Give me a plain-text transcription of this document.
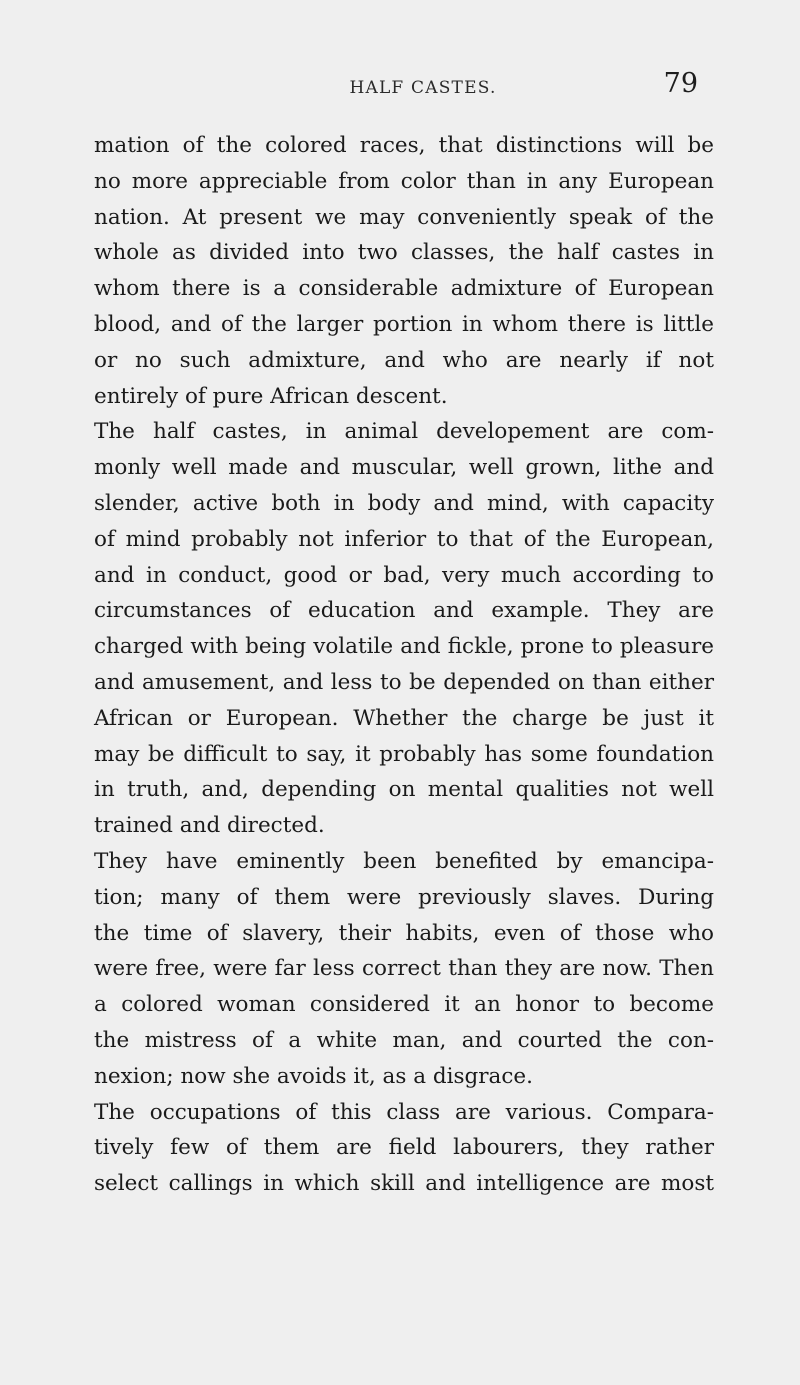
HALF CASTES.	79
mation of the colored races, that distinctions will be
no more appreciable from color than in any European
nation. At present we may conveniently speak of the
whole as divided into two classes, the half castes in
whom there is a considerable admixture of European
blood, and of the larger portion in whom there is little
or no such admixture, and who are nearly if not
entirely of pure African descent.
The half castes, in animal developement are com-
monly well made and muscular, well grown, lithe and
slender, active both in body and mind, with capacity
of mind probably not inferior to that of the European,
and in conduct, good or bad, very much according to
circumstances of education and example. They are
charged with being volatile and fickle, prone to pleasure
and amusement, and less to be depended on than either
African or European. Whether the charge be just it
may be difficult to say, it probably has some foundation
in truth, and, depending on mental qualities not well
trained and directed.
They have eminently been benefited by emancipa-
tion; many of them were previously slaves. During
the time of slavery, their habits, even of those who
were free, were far less correct than they are now. Then
a colored woman considered it an honor to become
the mistress of a white man, and courted the con-
nexion; now she avoids it, as a disgrace.
The occupations of this class are various. Compara-
tively few of them are field labourers, they rather
select callings in which skill and intelligence are most
